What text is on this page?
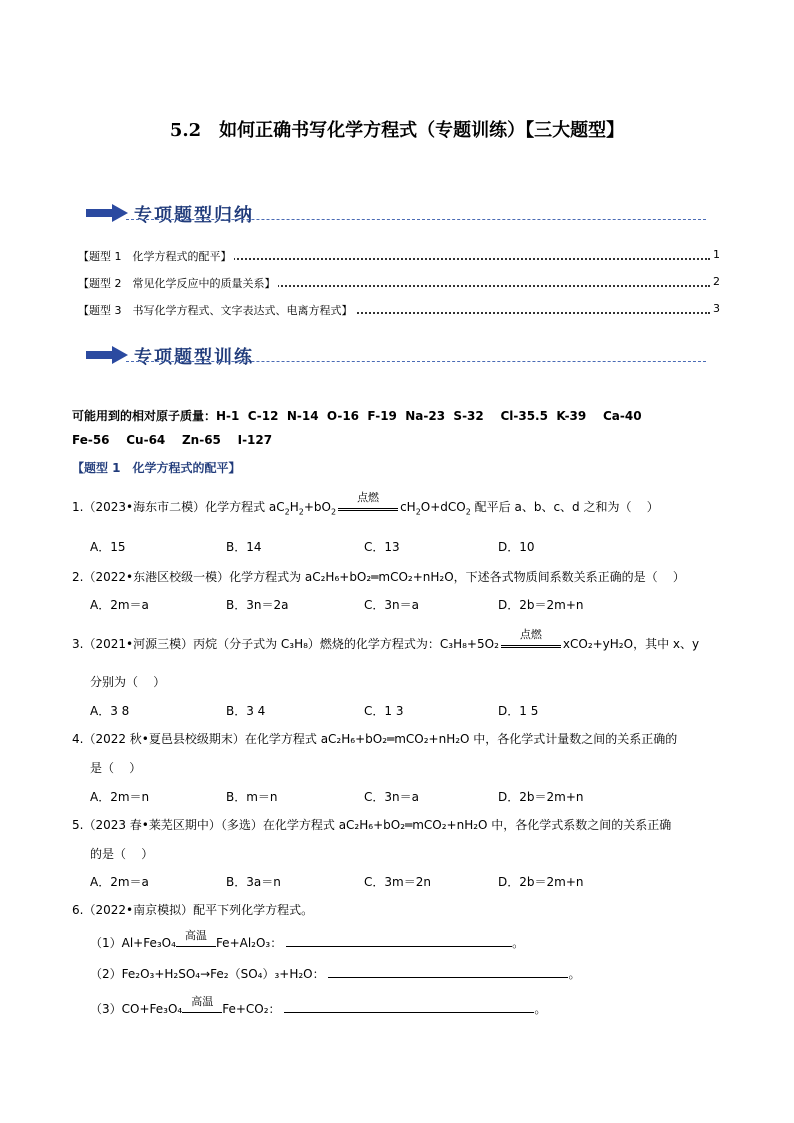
5.2　如何正确书写化学方程式（专题训练）【三大题型】
专项题型归纳
【题型 1　化学方程式的配平】	1
【题型 2　常见化学反应中的质量关系】	2
【题型 3　书写化学方程式、文字表达式、电离方程式】	3
专项题型训练
可能用到的相对原子质量：H-1  C-12  N-14  O-16  F-19  Na-23  S-32    Cl-35.5  K-39    Ca-40
Fe-56    Cu-64    Zn-65    I-127
【题型 1　化学方程式的配平】
1.（2023•海东市二模）化学方程式 $aC_2H_2+bO_2$
点燃
$cH_2O+dCO_2$ 配平后 a、b、c、d 之和为（    ）
A．15	B．14	C．13	D．10
2.（2022•东港区校级一模）化学方程式为 aC₂H₆+bO₂═mCO₂+nH₂O，下述各式物质间系数关系正确的是（    ）
A．2m＝a	B．3n＝2a	C．3n＝a	D．2b＝2m+n
3.（2021•河源三模）丙烷（分子式为 C₃H₈）燃烧的化学方程式为：C₃H₈+5O₂
点燃
xCO₂+yH₂O，其中 x、y
分别为（    ）
A．3 8	B．3 4	C．1 3	D．1 5
4.（2022 秋•夏邑县校级期末）在化学方程式 aC₂H₆+bO₂═mCO₂+nH₂O 中，各化学式计量数之间的关系正确的
是（    ）
A．2m＝n	B．m＝n	C．3n＝a	D．2b＝2m+n
5.（2023 春•莱芜区期中）（多选）在化学方程式 aC₂H₆+bO₂═mCO₂+nH₂O 中，各化学式系数之间的关系正确
的是（    ）
A．2m＝a	B．3a＝n	C．3m＝2n	D．2b＝2m+n
6.（2022•南京模拟）配平下列化学方程式。
（1）Al+Fe₃O₄
高温
Fe+Al₂O₃：	。
（2）Fe₂O₃+H₂SO₄→Fe₂（SO₄）₃+H₂O：	。
（3）CO+Fe₃O₄
高温
Fe+CO₂：	。
